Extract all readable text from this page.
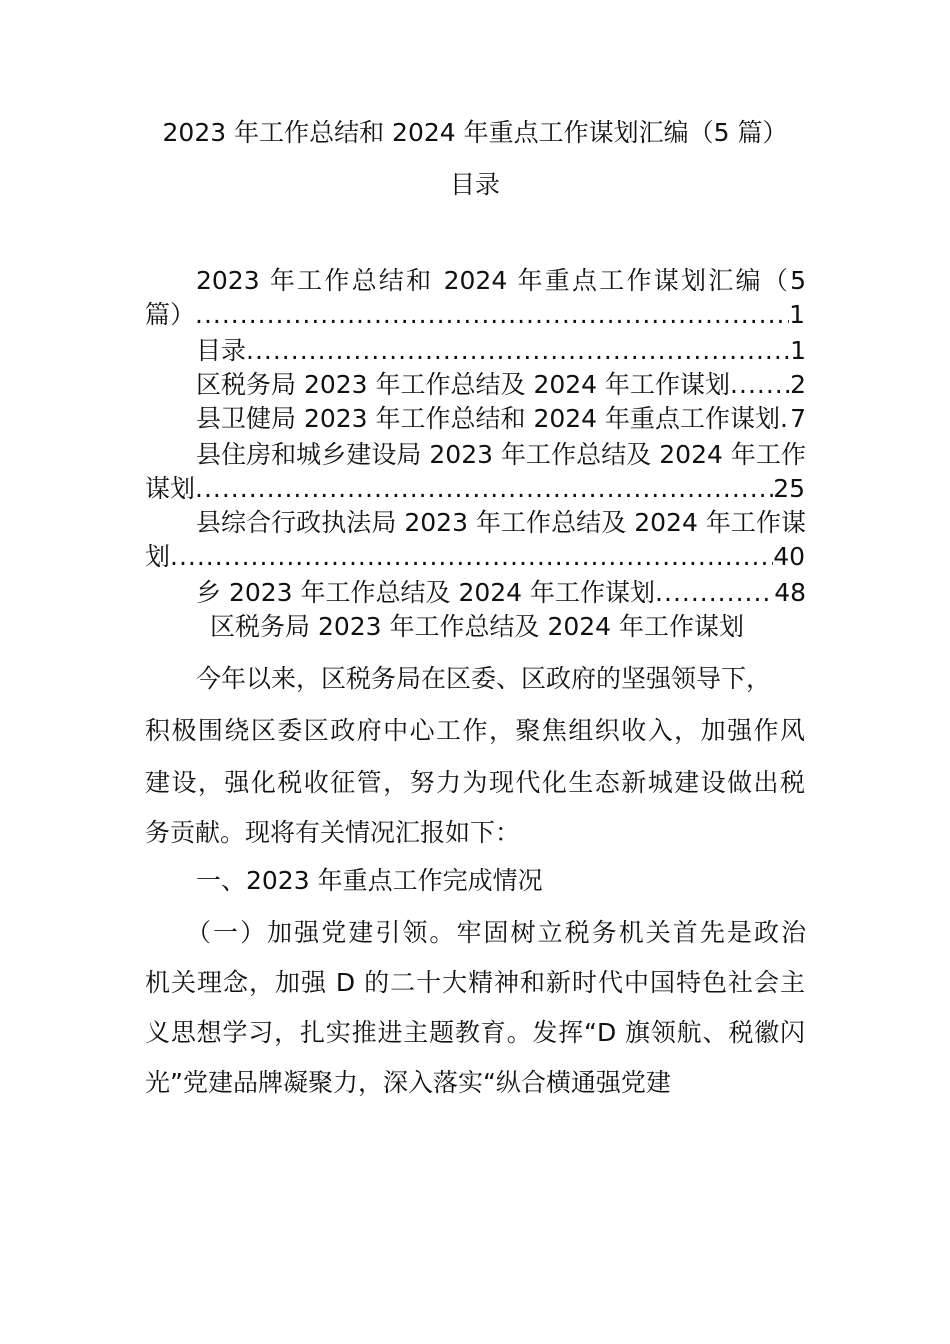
2023 年工作总结和 2024 年重点工作谋划汇编（5 篇）
目录
2023 年工作总结和 2024 年重点工作谋划汇编（5
篇） .....	1
目录 .....	1
区税务局 2023 年工作总结及 2024 年工作谋划 ..... 2
县卫健局 2023 年工作总结和 2024 年重点工作谋划 ..... 7
县住房和城乡建设局 2023 年工作总结及 2024 年工作
谋划 .....	25
县综合行政执法局 2023 年工作总结及 2024 年工作谋
划 .....	40
乡 2023 年工作总结及 2024 年工作谋划 .....	48
区税务局 2023 年工作总结及 2024 年工作谋划
今年以来，区税务局在区委、区政府的坚强领导下，
积极围绕区委区政府中心工作，聚焦组织收入，加强作风
建设，强化税收征管，努力为现代化生态新城建设做出税
务贡献。现将有关情况汇报如下：
一、2023 年重点工作完成情况
（一）加强党建引领。牢固树立税务机关首先是政治
机关理念，加强 D 的二十大精神和新时代中国特色社会主
义思想学习，扎实推进主题教育。发挥“D 旗领航、税徽闪
光”党建品牌凝聚力，深入落实“纵合横通强党建
